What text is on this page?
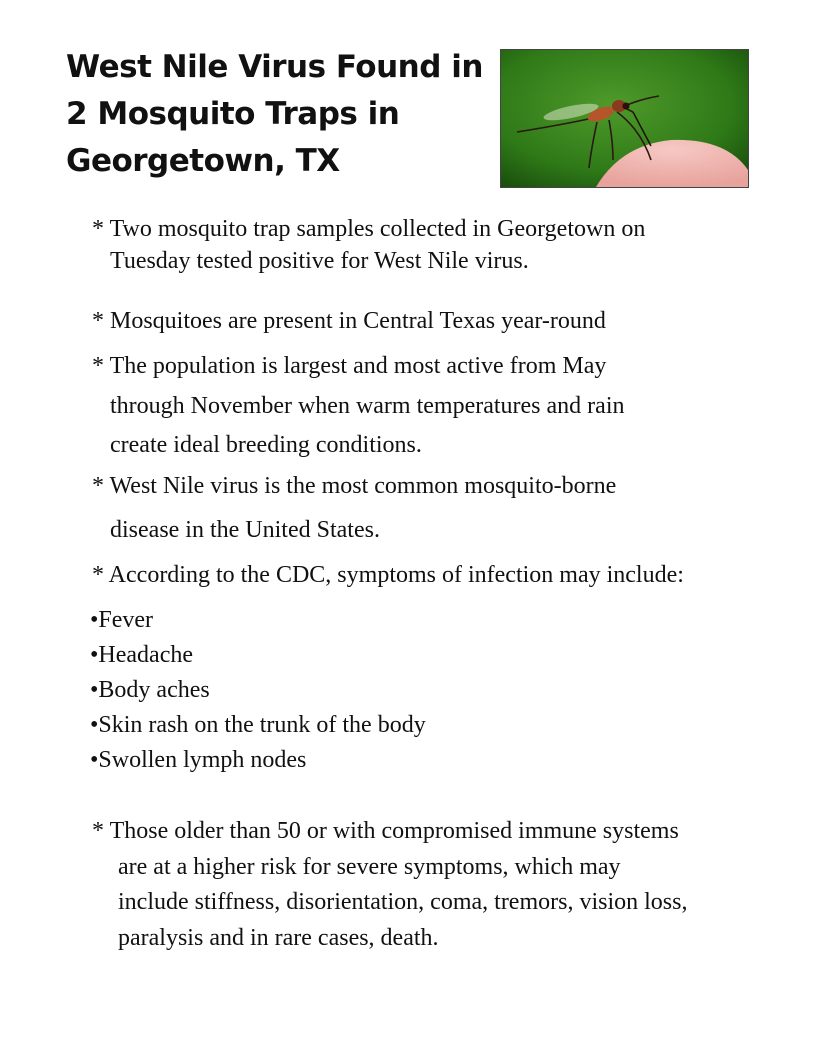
West Nile Virus Found in
2 Mosquito Traps in
Georgetown, TX
* Two mosquito trap samples collected in Georgetown on
Tuesday tested positive for West Nile virus.
* Mosquitoes are present in Central Texas year-round
* The population is largest and most active from May
through November when warm temperatures and rain
create ideal breeding conditions.
* West Nile virus is the most common mosquito-borne
disease in the United States.
* According to the CDC, symptoms of infection may include:
•Fever
•Headache
•Body aches
•Skin rash on the trunk of the body
•Swollen lymph nodes
* Those older than 50 or with compromised immune systems
are at a higher risk for severe symptoms, which may
include stiffness, disorientation, coma, tremors, vision loss,
paralysis and in rare cases, death.
